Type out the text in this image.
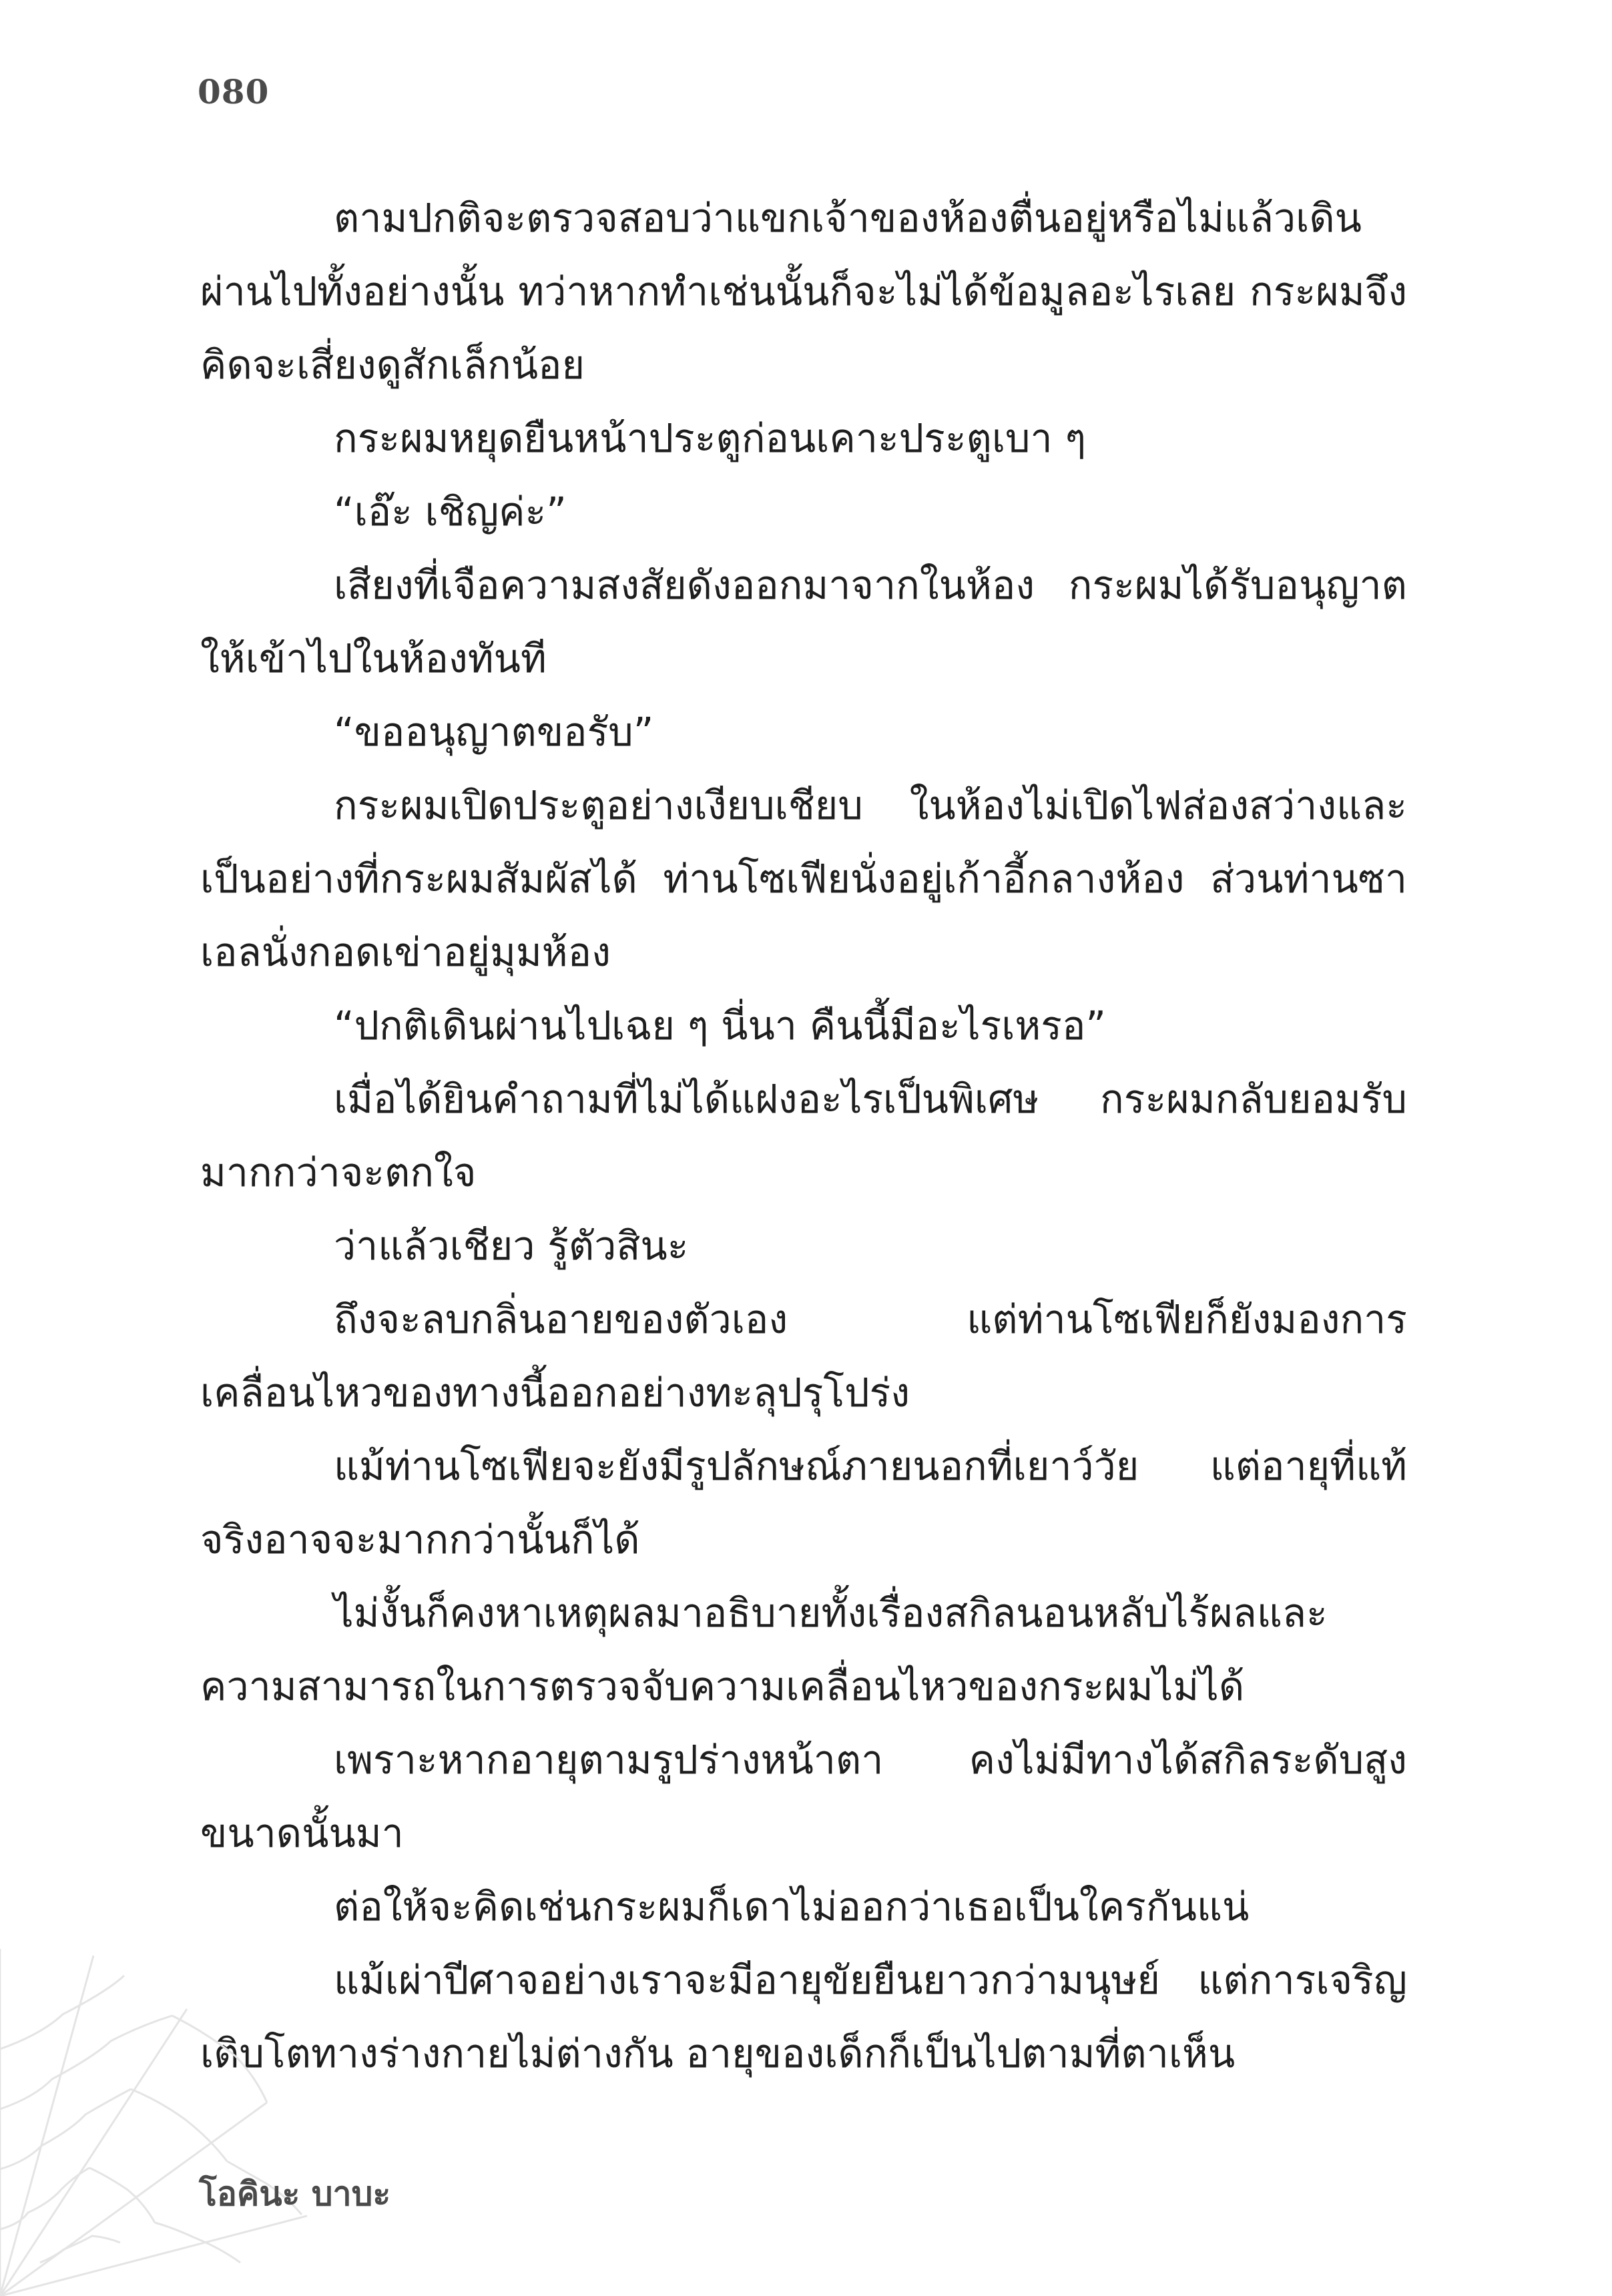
080

ตามปกติจะตรวจสอบว่าแขกเจ้าของห้องตื่นอยู่หรือไม่แล้วเดินผ่านไปทั้งอย่างนั้น ทว่าหากทำเช่นนั้นก็จะไม่ได้ข้อมูลอะไรเลย กระผมจึงคิดจะเสี่ยงดูสักเล็กน้อย

กระผมหยุดยืนหน้าประตูก่อนเคาะประตูเบา ๆ

“เอ๊ะ เชิญค่ะ”

เสียงที่เจือความสงสัยดังออกมาจากในห้อง กระผมได้รับอนุญาตให้เข้าไปในห้องทันที

“ขออนุญาตขอรับ”

กระผมเปิดประตูอย่างเงียบเชียบ ในห้องไม่เปิดไฟส่องสว่างและเป็นอย่างที่กระผมสัมผัสได้ ท่านโซเฟียนั่งอยู่เก้าอี้กลางห้อง ส่วนท่านซาเอลนั่งกอดเข่าอยู่มุมห้อง

“ปกติเดินผ่านไปเฉย ๆ นี่นา คืนนี้มีอะไรเหรอ”

เมื่อได้ยินคำถามที่ไม่ได้แฝงอะไรเป็นพิเศษ กระผมกลับยอมรับมากกว่าจะตกใจ

ว่าแล้วเชียว รู้ตัวสินะ

ถึงจะลบกลิ่นอายของตัวเอง แต่ท่านโซเฟียก็ยังมองการเคลื่อนไหวของทางนี้ออกอย่างทะลุปรุโปร่ง

แม้ท่านโซเฟียจะยังมีรูปลักษณ์ภายนอกที่เยาว์วัย แต่อายุที่แท้จริงอาจจะมากกว่านั้นก็ได้

ไม่งั้นก็คงหาเหตุผลมาอธิบายทั้งเรื่องสกิลนอนหลับไร้ผลและความสามารถในการตรวจจับความเคลื่อนไหวของกระผมไม่ได้

เพราะหากอายุตามรูปร่างหน้าตา คงไม่มีทางได้สกิลระดับสูงขนาดนั้นมา

ต่อให้จะคิดเช่นกระผมก็เดาไม่ออกว่าเธอเป็นใครกันแน่

แม้เผ่าปีศาจอย่างเราจะมีอายุขัยยืนยาวกว่ามนุษย์ แต่การเจริญเติบโตทางร่างกายไม่ต่างกัน อายุของเด็กก็เป็นไปตามที่ตาเห็น

โอคินะ บาบะ
